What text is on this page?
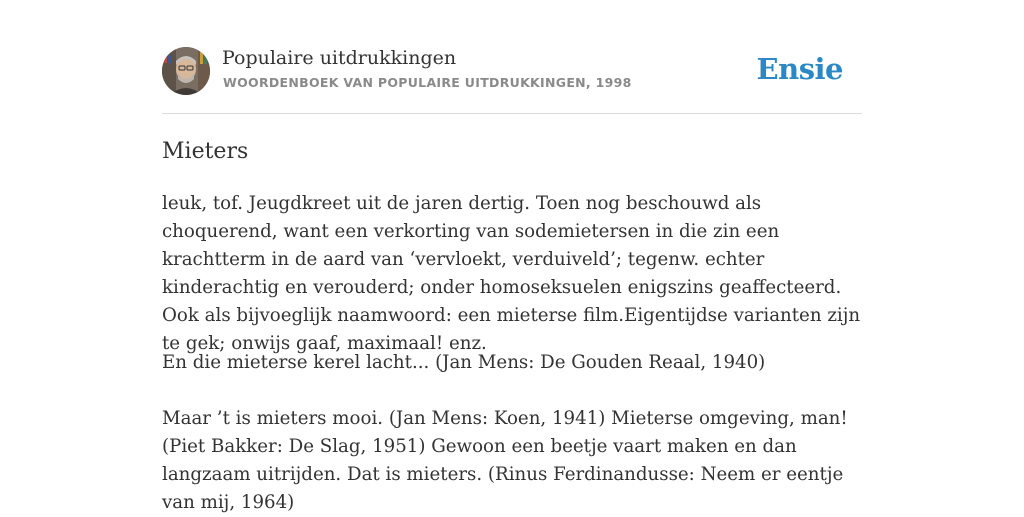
Populaire uitdrukkingen
WOORDENBOEK VAN POPULAIRE UITDRUKKINGEN, 1998	Ensie
Mieters

leuk, tof. Jeugdkreet uit de jaren dertig. Toen nog beschouwd als choquerend, want een verkorting van sodemietersen in die zin een krachtterm in de aard van ‘vervloekt, verduiveld’; tegenw. echter kinderachtig en verouderd; onder homoseksuelen enigszins geaffecteerd. Ook als bijvoeglijk naamwoord: een mieterse film.Eigentijdse varianten zijn te gek; onwijs gaaf, maximaal! enz.

En die mieterse kerel lacht... (Jan Mens: De Gouden Reaal, 1940)

Maar ’t is mieters mooi. (Jan Mens: Koen, 1941) Mieterse omgeving, man! (Piet Bakker: De Slag, 1951) Gewoon een beetje vaart maken en dan langzaam uitrijden. Dat is mieters. (Rinus Ferdinandusse: Neem er eentje van mij, 1964)
